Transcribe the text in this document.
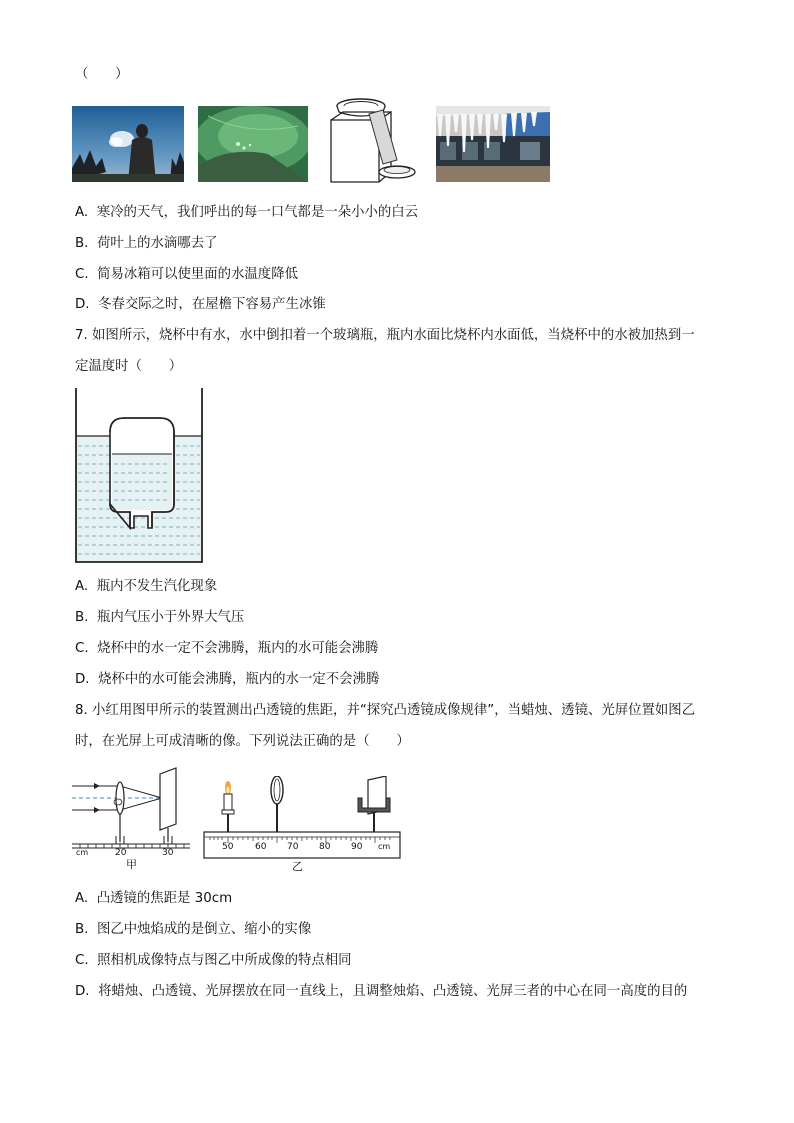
（　　）
A. 寒冷的天气，我们呼出的每一口气都是一朵小小的白云
B. 荷叶上的水滴哪去了
C. 简易冰箱可以使里面的水温度降低
D. 冬春交际之时，在屋檐下容易产生冰锥
7. 如图所示，烧杯中有水，水中倒扣着一个玻璃瓶，瓶内水面比烧杯内水面低，当烧杯中的水被加热到一
定温度时（　　）
A. 瓶内不发生汽化现象
B. 瓶内气压小于外界大气压
C. 烧杯中的水一定不会沸腾，瓶内的水可能会沸腾
D. 烧杯中的水可能会沸腾，瓶内的水一定不会沸腾
8. 小红用图甲所示的装置测出凸透镜的焦距，并“探究凸透镜成像规律”，当蜡烛、透镜、光屏位置如图乙
时，在光屏上可成清晰的像。下列说法正确的是（　　）
cm	20	30
甲
50 60 70 80 90 cm
乙
A. 凸透镜的焦距是 30cm
B. 图乙中烛焰成的是倒立、缩小的实像
C. 照相机成像特点与图乙中所成像的特点相同
D. 将蜡烛、凸透镜、光屏摆放在同一直线上，且调整烛焰、凸透镜、光屏三者的中心在同一高度的目的
